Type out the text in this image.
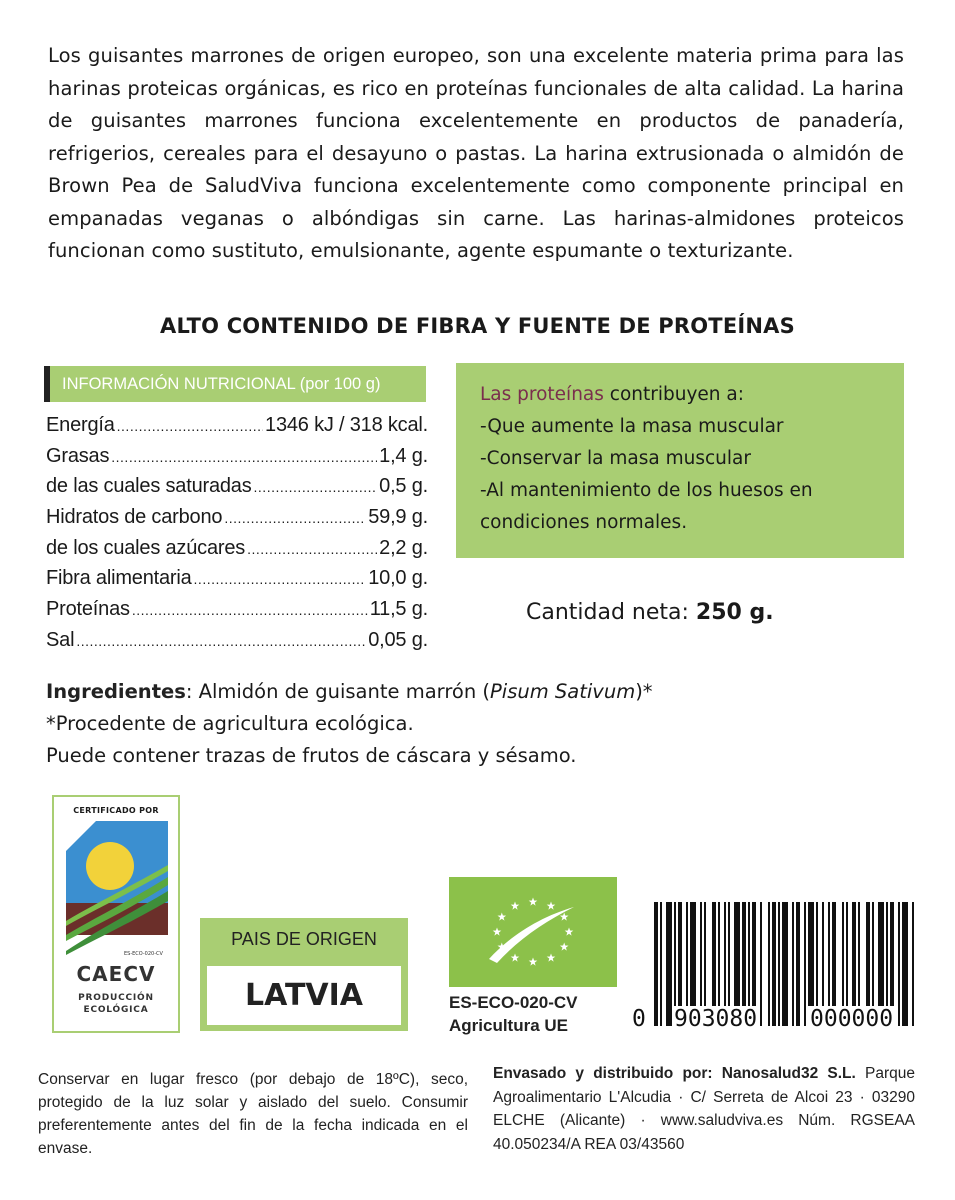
Los guisantes marrones de origen europeo, son una excelente materia prima para las harinas proteicas orgánicas, es rico en proteínas funcionales de alta calidad. La harina de guisantes marrones funciona excelentemente en productos de panadería, refrigerios, cereales para el desayuno o pastas. La harina extrusionada o almidón de Brown Pea de SaludViva funciona excelentemente como componente principal en empanadas veganas o albóndigas sin carne. Las harinas-almidones proteicos funcionan como sustituto, emulsionante, agente espumante o texturizante.

ALTO CONTENIDO DE FIBRA Y FUENTE DE PROTEÍNAS
INFORMACIÓN NUTRICIONAL (por 100 g)
Energía .....	1346 kJ / 318 kcal.
Grasas .....	1,4 g.
de las cuales saturadas .....	0,5 g.
Hidratos de carbono .....	59,9 g.
de los cuales azúcares .....	2,2 g.
Fibra alimentaria .....	10,0 g.
Proteínas .....	11,5 g.
Sal .....	0,05 g.
Las proteínas contribuyen a:
-Que aumente la masa muscular
-Conservar la masa muscular
-Al mantenimiento de los huesos en condiciones normales.
Cantidad neta: 250 g.
Ingredientes: Almidón de guisante marrón (Pisum Sativum)*
*Procedente de agricultura ecológica.
Puede contener trazas de frutos de cáscara y sésamo.
CERTIFICADO POR
ES-ECO-020-CV
CAECV
PRODUCCIÓN
ECOLÓGICA
PAIS DE ORIGEN
LATVIA	ES-ECO-020-CV
Agricultura UE	0 903080 000000

Conservar en lugar fresco (por debajo de 18ºC), seco, protegido de la luz solar y aislado del suelo. Consumir preferentemente antes del fin de la fecha indicada en el envase.

Envasado y distribuido por: Nanosalud32 S.L. Parque Agroalimentario L'Alcudia · C/ Serreta de Alcoi 23 · 03290 ELCHE (Alicante) · www.saludviva.es Núm. RGSEAA 40.050234/A REA 03/43560
